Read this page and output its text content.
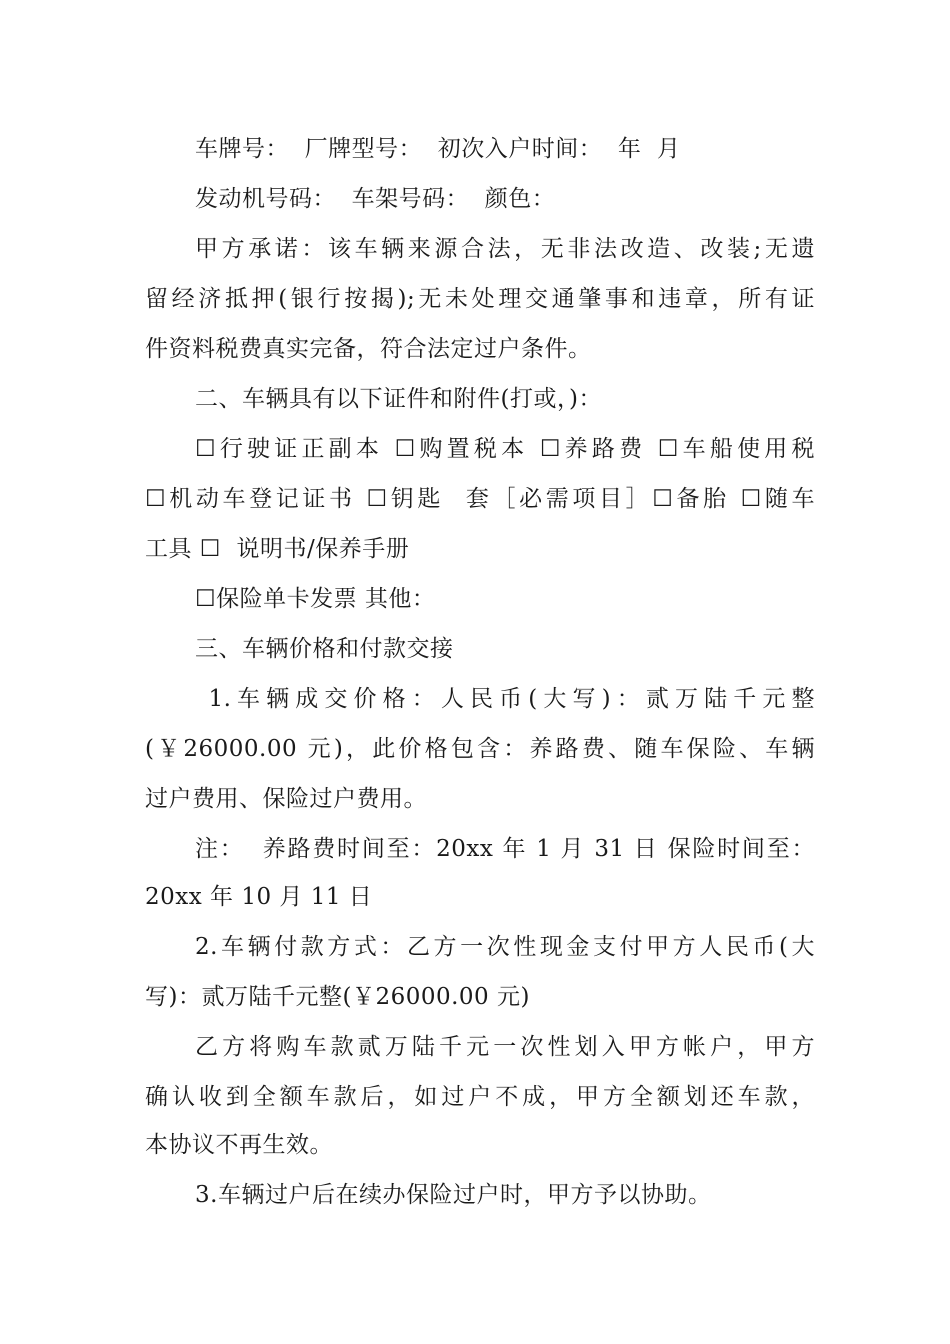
车牌号：  厂牌型号：  初次入户时间：  年  月
发动机号码：  车架号码：  颜色：
甲方承诺：该车辆来源合法，无非法改造、改装;无遗
留经济抵押(银行按揭);无未处理交通肇事和违章，所有证
件资料税费真实完备，符合法定过户条件。
二、车辆具有以下证件和附件(打或，)：
☐行驶证正副本 ☐购置税本 ☐养路费 ☐车船使用税
☐机动车登记证书 ☐钥匙  套［必需项目］☐备胎 ☐随车
工具 ☐  说明书/保养手册
☐保险单卡发票 其他：
三、车辆价格和付款交接
1.车辆成交价格：人民币(大写)：贰万陆千元整
(￥26000.00 元)，此价格包含：养路费、随车保险、车辆
过户费用、保险过户费用。
注：  养路费时间至：20xx 年 1 月 31 日 保险时间至：
20xx 年 10 月 11 日
2.车辆付款方式：乙方一次性现金支付甲方人民币(大
写)：贰万陆千元整(￥26000.00 元)
乙方将购车款贰万陆千元一次性划入甲方帐户，甲方
确认收到全额车款后，如过户不成，甲方全额划还车款，
本协议不再生效。
3.车辆过户后在续办保险过户时，甲方予以协助。
